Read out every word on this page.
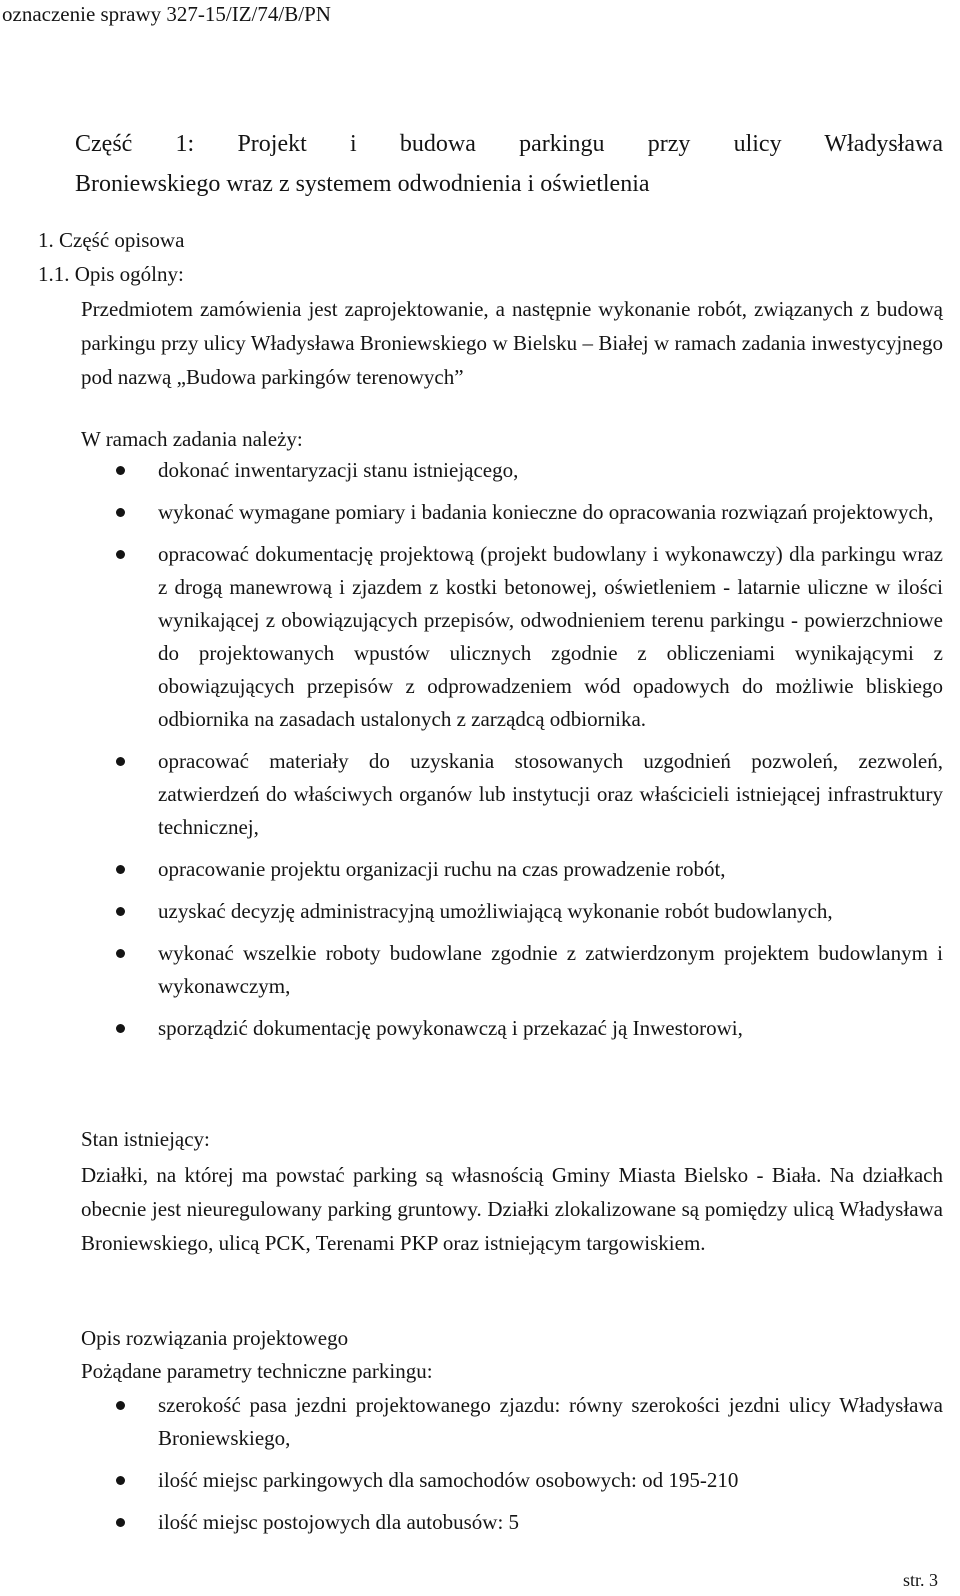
oznaczenie sprawy 327-15/IZ/74/B/PN
Część 1: Projekt i budowa parkingu przy ulicy Władysława
Broniewskiego wraz z systemem odwodnienia i oświetlenia
1. Część opisowa
1.1. Opis ogólny:
Przedmiotem zamówienia jest zaprojektowanie, a następnie wykonanie robót, związanych z budową parkingu przy ulicy Władysława Broniewskiego w Bielsku – Białej w ramach zadania inwestycyjnego pod nazwą „Budowa parkingów terenowych”
W ramach zadania należy:
dokonać inwentaryzacji stanu istniejącego,
wykonać wymagane pomiary i badania konieczne do opracowania rozwiązań projektowych,
opracować dokumentację projektową (projekt budowlany i wykonawczy) dla parkingu wraz z drogą manewrową i zjazdem z kostki betonowej, oświetleniem - latarnie uliczne w ilości wynikającej z obowiązujących przepisów, odwodnieniem terenu parkingu - powierzchniowe do projektowanych wpustów ulicznych zgodnie z obliczeniami wynikającymi z obowiązujących przepisów z odprowadzeniem wód opadowych do możliwie bliskiego odbiornika na zasadach ustalonych z zarządcą odbiornika.
opracować materiały do uzyskania stosowanych uzgodnień pozwoleń, zezwoleń, zatwierdzeń do właściwych organów lub instytucji oraz właścicieli istniejącej infrastruktury technicznej,
opracowanie projektu organizacji ruchu na czas prowadzenie robót,
uzyskać decyzję administracyjną umożliwiającą wykonanie robót budowlanych,
wykonać wszelkie roboty budowlane zgodnie z zatwierdzonym projektem budowlanym i wykonawczym,
sporządzić dokumentację powykonawczą i przekazać ją Inwestorowi,
Stan istniejący:
Działki, na której ma powstać parking są własnością Gminy Miasta Bielsko - Biała. Na działkach obecnie jest nieuregulowany parking gruntowy. Działki zlokalizowane są pomiędzy ulicą Władysława Broniewskiego, ulicą PCK, Terenami PKP oraz istniejącym targowiskiem.
Opis rozwiązania projektowego
Pożądane parametry techniczne parkingu:
szerokość pasa jezdni projektowanego zjazdu: równy szerokości jezdni ulicy Władysława Broniewskiego,
ilość miejsc parkingowych dla samochodów osobowych: od 195-210
ilość miejsc postojowych dla autobusów: 5
str. 3
